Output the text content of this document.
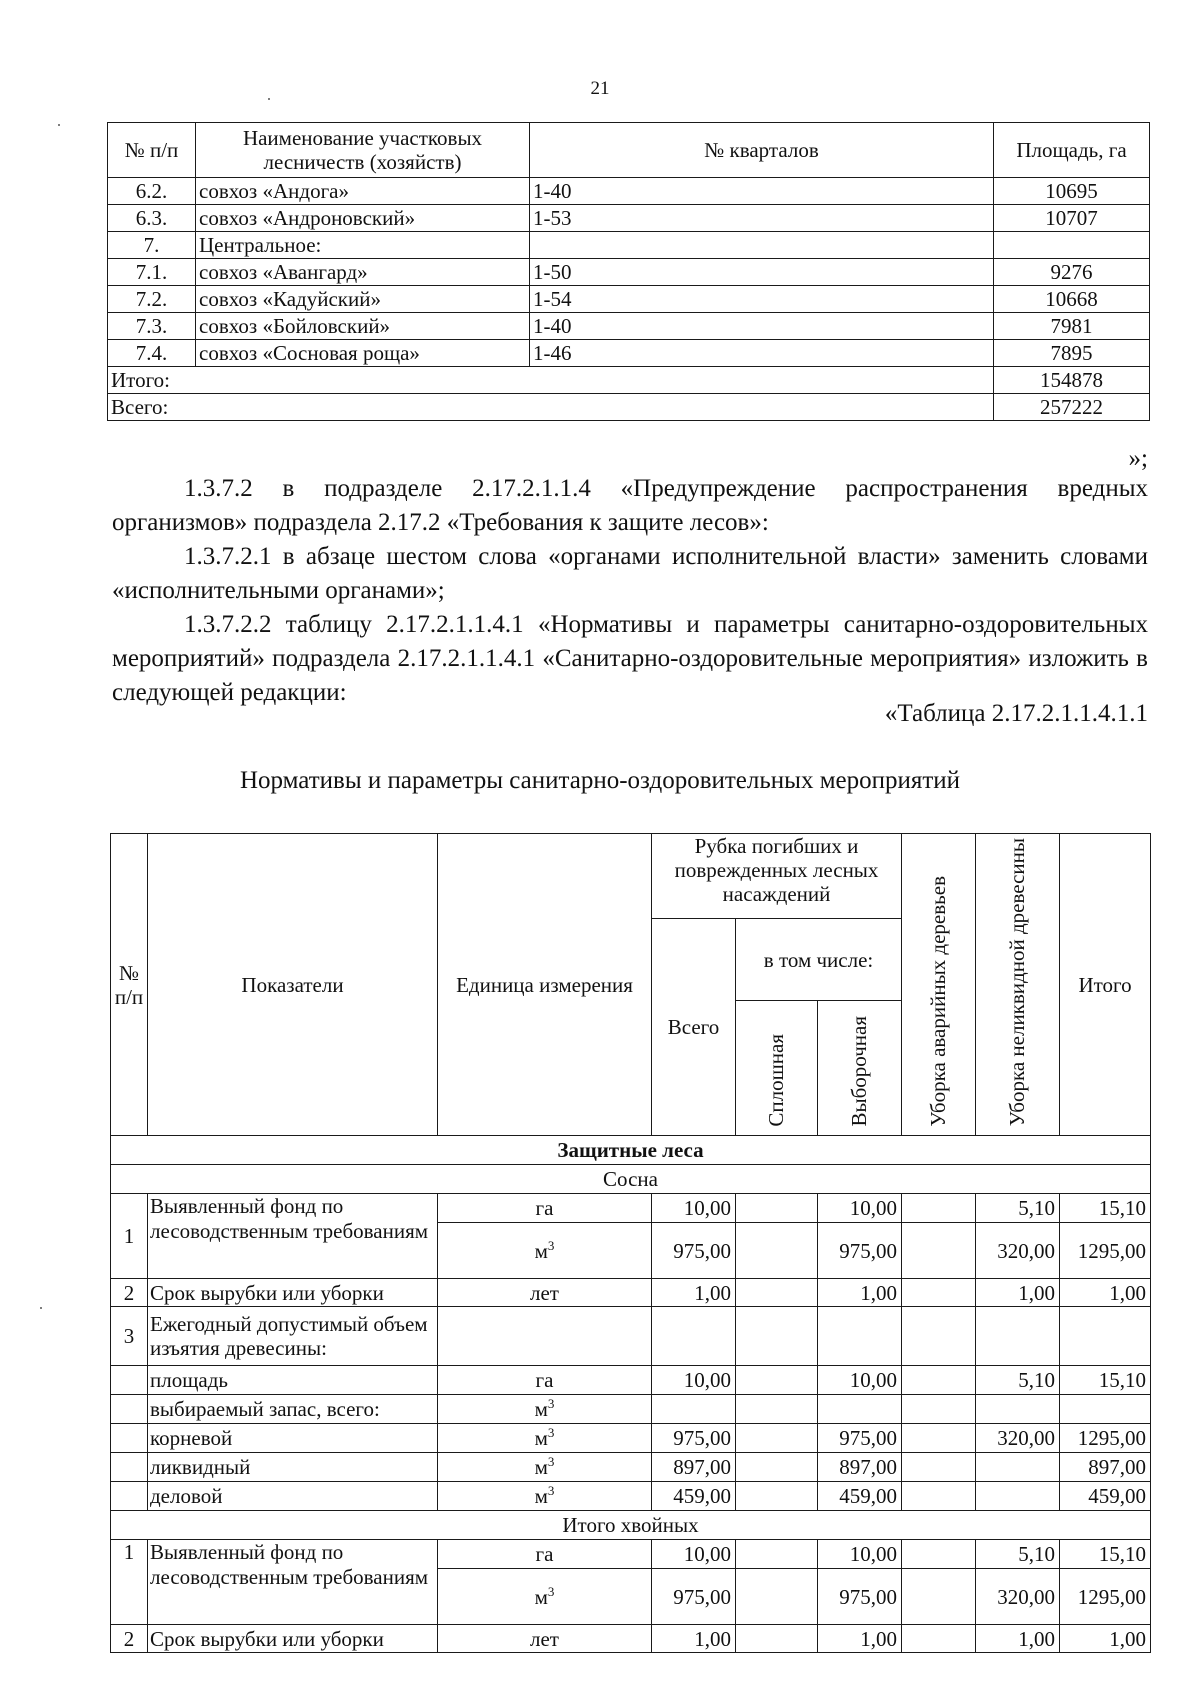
21
№ п/п	Наименование участковых лесничеств (хозяйств)	№ кварталов	Площадь, га
6.2.	совхоз «Андога»	1-40	10695
6.3.	совхоз «Андроновский»	1-53	10707
7.	Центральное:		
7.1.	совхоз «Авангард»	1-50	9276
7.2.	совхоз «Кадуйский»	1-54	10668
7.3.	совхоз «Бойловский»	1-40	7981
7.4.	совхоз «Сосновая роща»	1-46	7895
Итого:			154878
Всего:			257222
»;

1.3.7.2 в подразделе 2.17.2.1.1.4 «Предупреждение распространения вредных организмов» подраздела 2.17.2 «Требования к защите лесов»:

1.3.7.2.1 в абзаце шестом слова «органами исполнительной власти» заменить словами «исполнительными органами»;

1.3.7.2.2 таблицу 2.17.2.1.1.4.1 «Нормативы и параметры санитарно-оздоровительных мероприятий» подраздела 2.17.2.1.1.4.1 «Санитарно-оздоровительные мероприятия» изложить в следующей редакции:

«Таблица 2.17.2.1.1.4.1.1
Нормативы и параметры санитарно-оздоровительных мероприятий
№ п/п	Показатели	Единица измерения	Рубка погибших и поврежденных лесных насаждений			Уборка аварийных деревьев	Уборка неликвидной древесины	Итого
			Всего	в том числе:				
				Сплошная	Выборочная			
Защитные леса								
Сосна								
1	Выявленный фонд по лесоводственным требованиям	га	10,00		10,00		5,10	15,10
		$м^3$	975,00		975,00		320,00	1295,00
2	Срок вырубки или уборки	лет	1,00		1,00		1,00	1,00
3	Ежегодный допустимый объем изъятия древесины:							
	площадь	га	10,00		10,00		5,10	15,10
	выбираемый запас, всего:	$м^3$						
	корневой	$м^3$	975,00		975,00		320,00	1295,00
	ликвидный	$м^3$	897,00		897,00			897,00
	деловой	$м^3$	459,00		459,00			459,00
Итого хвойных								
1	Выявленный фонд по лесоводственным требованиям	га	10,00		10,00		5,10	15,10
		$м^3$	975,00		975,00		320,00	1295,00
2	Срок вырубки или уборки	лет	1,00		1,00		1,00	1,00
